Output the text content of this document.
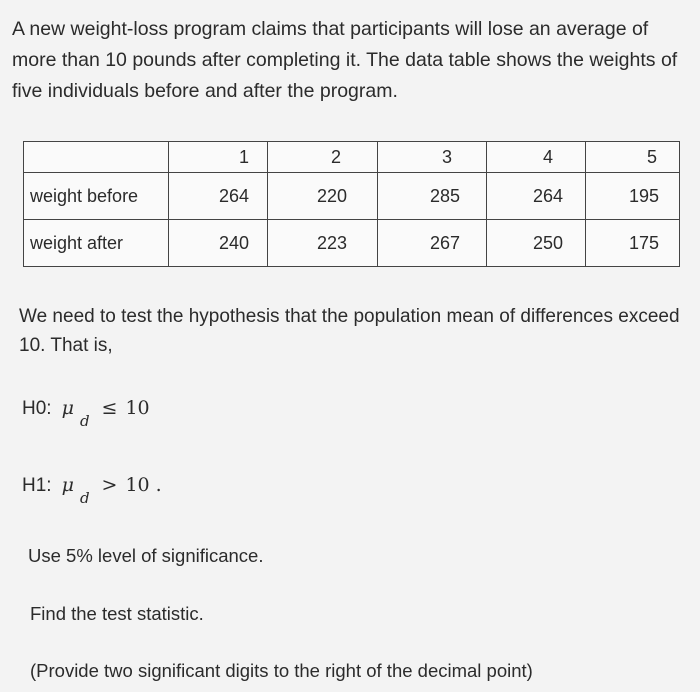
A new weight-loss program claims that participants will lose an average of more than 10 pounds after completing it. The data table shows the weights of five individuals before and after the program.

	1	2	3	4	5
weight before	264	220	285	264	195
weight after	240	223	267	250	175

We need to test the hypothesis that the population mean of differences exceed 10. That is,

H0: μ
d
≤ 10
H1: μ
d
> 10 .

Use 5% level of significance.

Find the test statistic.

(Provide two significant digits to the right of the decimal point)
